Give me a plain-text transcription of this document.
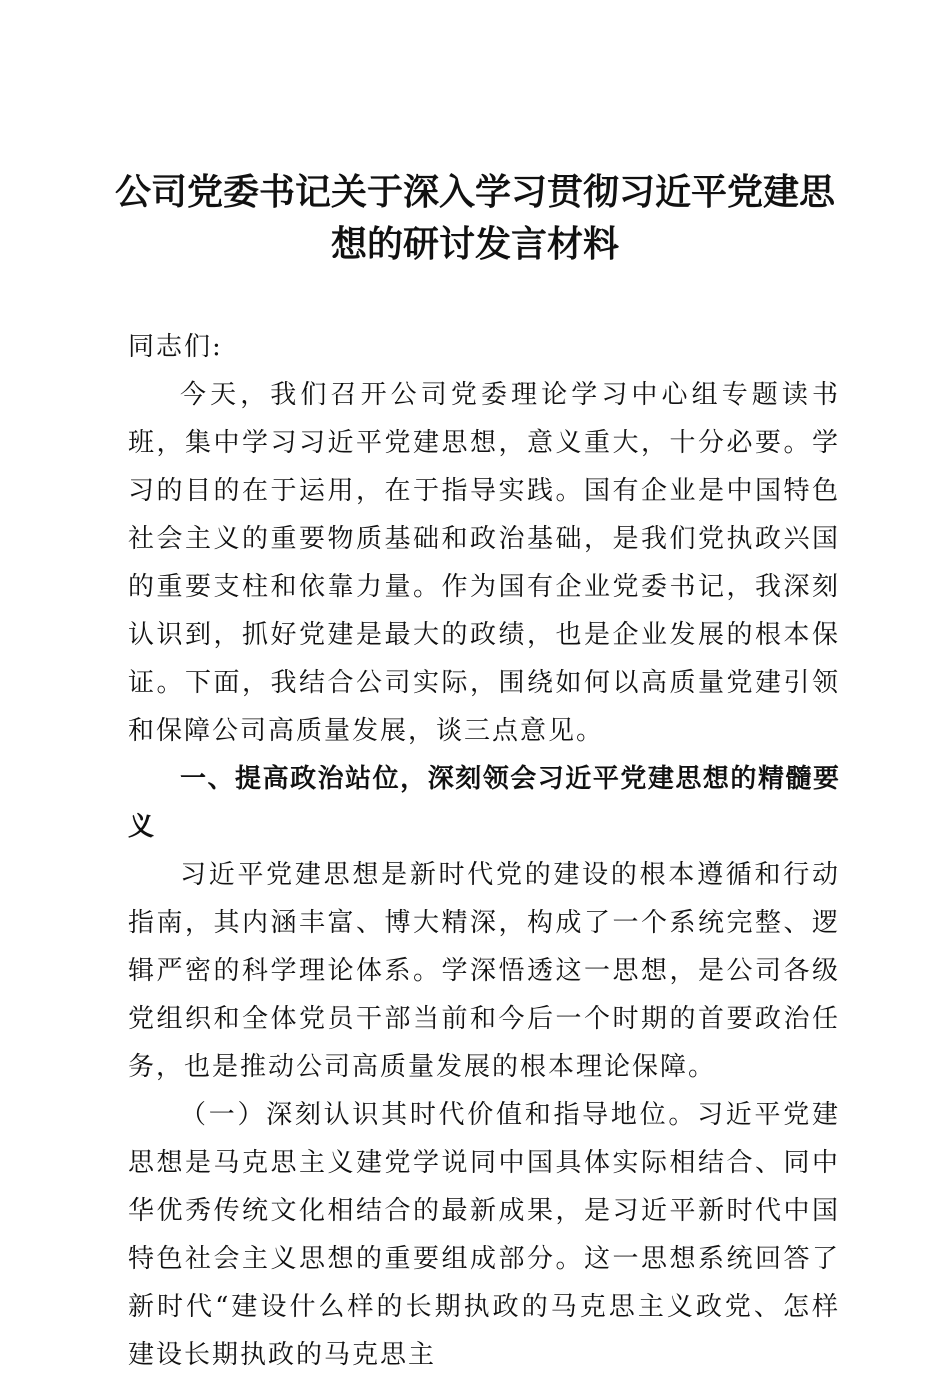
公司党委书记关于深入学习贯彻习近平党建思
想的研讨发言材料

同志们:

今天，我们召开公司党委理论学习中心组专题读书班，集中学习习近平党建思想，意义重大，十分必要。学习的目的在于运用，在于指导实践。国有企业是中国特色社会主义的重要物质基础和政治基础，是我们党执政兴国的重要支柱和依靠力量。作为国有企业党委书记，我深刻认识到，抓好党建是最大的政绩，也是企业发展的根本保证。下面，我结合公司实际，围绕如何以高质量党建引领和保障公司高质量发展，谈三点意见。

一、提高政治站位，深刻领会习近平党建思想的精髓要义

习近平党建思想是新时代党的建设的根本遵循和行动指南，其内涵丰富、博大精深，构成了一个系统完整、逻辑严密的科学理论体系。学深悟透这一思想，是公司各级党组织和全体党员干部当前和今后一个时期的首要政治任务，也是推动公司高质量发展的根本理论保障。

（一）深刻认识其时代价值和指导地位。习近平党建思想是马克思主义建党学说同中国具体实际相结合、同中华优秀传统文化相结合的最新成果，是习近平新时代中国特色社会主义思想的重要组成部分。这一思想系统回答了新时代“建设什么样的长期执政的马克思主义政党、怎样建设长期执政的马克思主
